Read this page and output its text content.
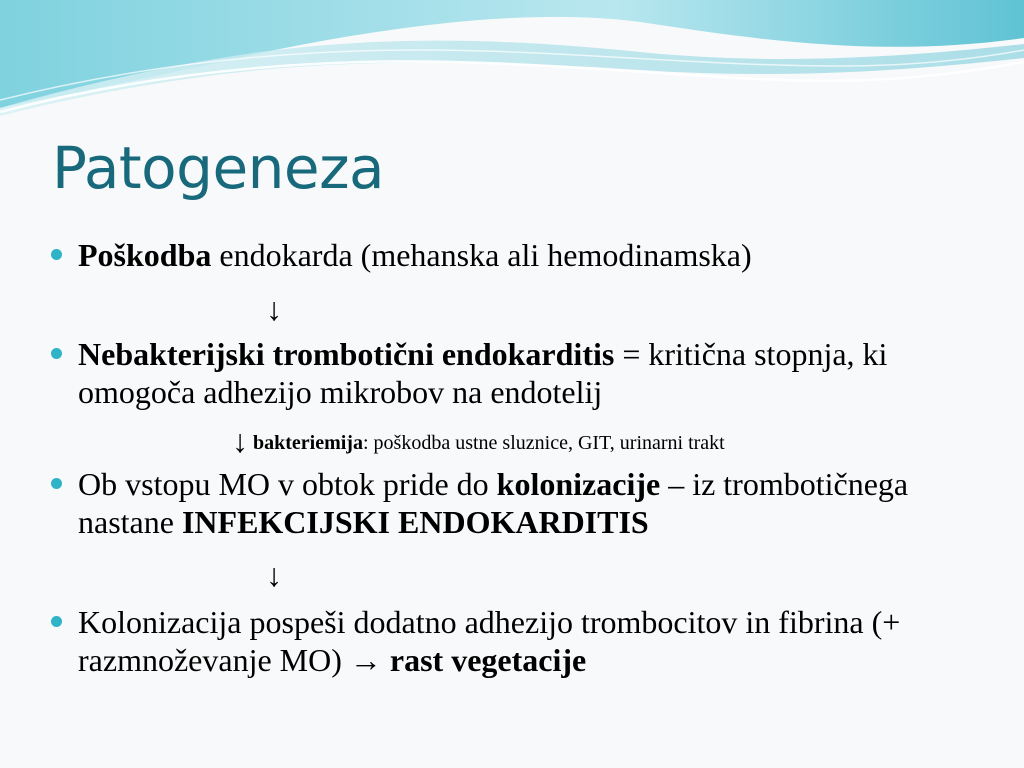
Patogeneza
Poškodba endokarda (mehanska ali hemodinamska)
↓
Nebakterijski trombotični endokarditis = kritična stopnja, ki omogoča adhezijo mikrobov na endotelij
↓ bakteriemija: poškodba ustne sluznice, GIT, urinarni trakt
Ob vstopu MO v obtok pride do kolonizacije – iz trombotičnega nastane INFEKCIJSKI ENDOKARDITIS
↓
Kolonizacija pospeši dodatno adhezijo trombocitov in fibrina (+ razmnoževanje MO) → rast vegetacije
